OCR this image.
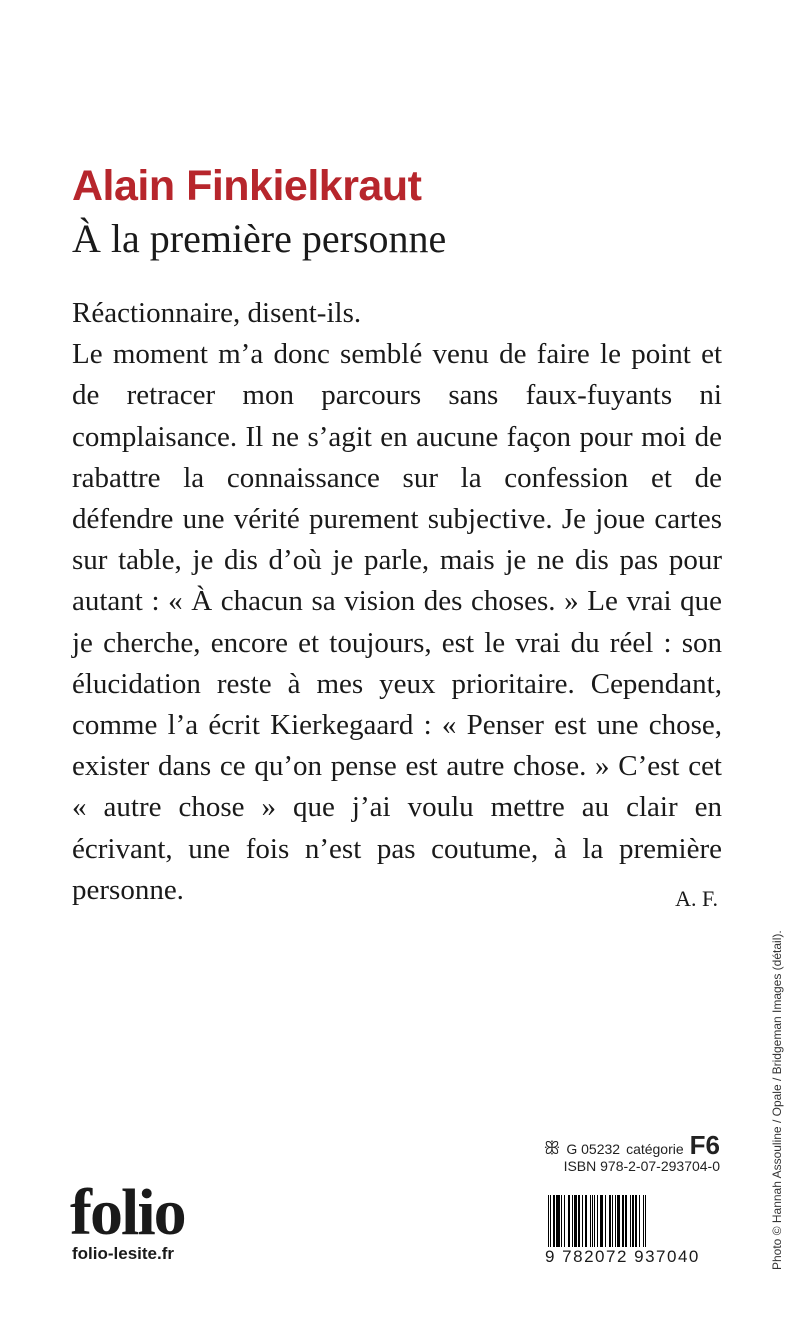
Alain Finkielkraut
À la première personne

Réactionnaire, disent-ils.

Le moment m’a donc semblé venu de faire le point et de retracer mon parcours sans faux-fuyants ni complaisance. Il ne s’agit en aucune façon pour moi de rabattre la connaissance sur la confession et de défendre une vérité purement subjective. Je joue cartes sur table, je dis d’où je parle, mais je ne dis pas pour autant : « À chacun sa vision des choses. » Le vrai que je cherche, encore et toujours, est le vrai du réel : son élucidation reste à mes yeux prioritaire. Cependant, comme l’a écrit Kierkegaard : « Penser est une chose, exister dans ce qu’on pense est autre chose. » C’est cet « autre chose » que j’ai voulu mettre au clair en écrivant, une fois n’est pas coutume, à la première personne.	A. F.
Photo © Hannah Assouline / Opale / Bridgeman Images (détail).
ꕥ G 05232 catégorie F6
ISBN 978-2-07-293704-0
9 782072 937040
folio
folio-lesite.fr
